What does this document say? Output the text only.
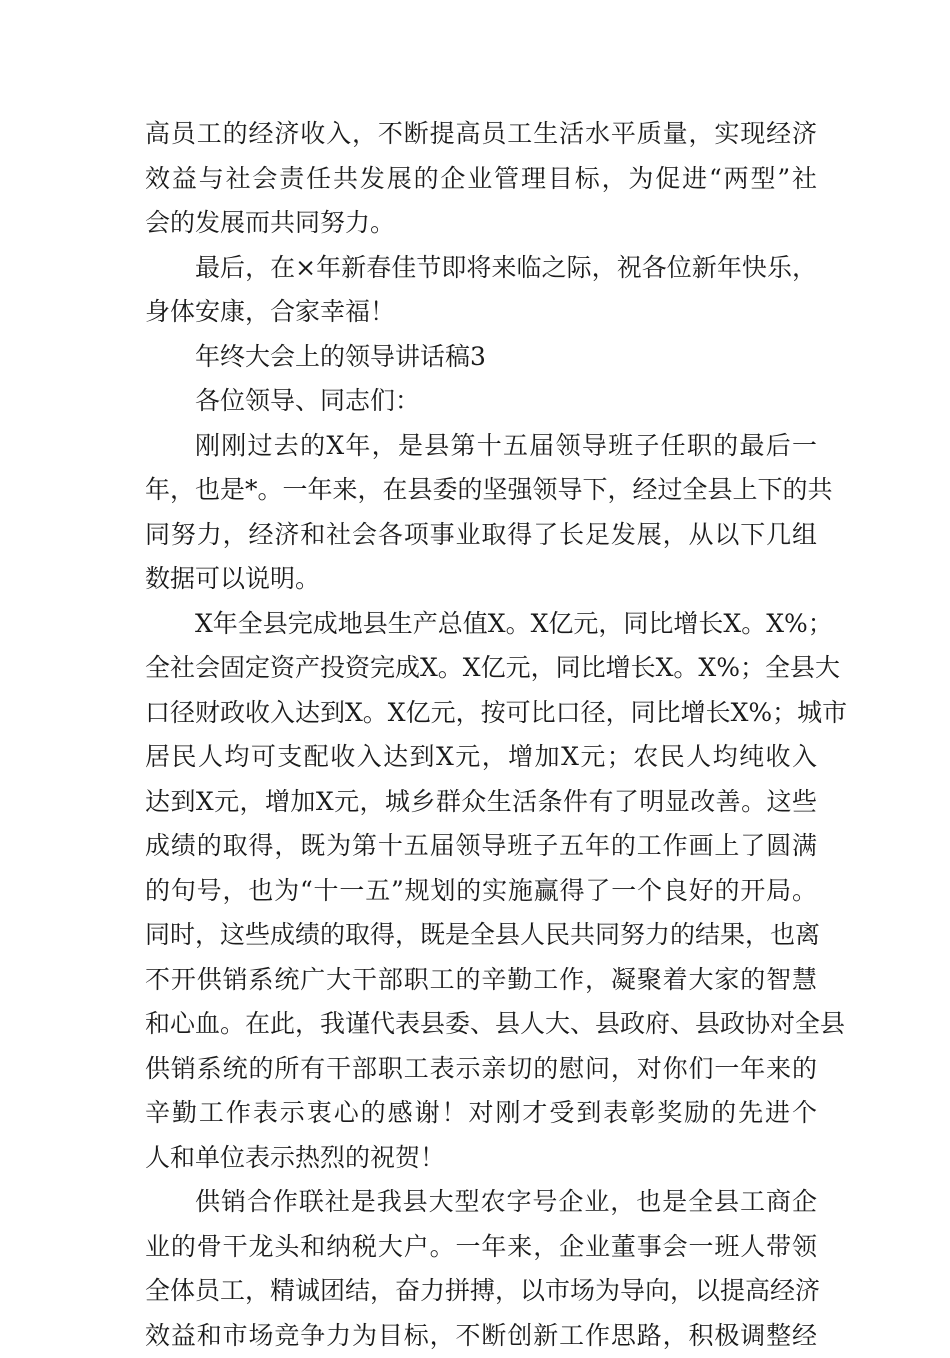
高员工的经济收入，不断提高员工生活水平质量，实现经济
效益与社会责任共发展的企业管理目标，为促进“两型”社
会的发展而共同努力。
最后，在×年新春佳节即将来临之际，祝各位新年快乐，
身体安康，合家幸福！
年终大会上的领导讲话稿3
各位领导、同志们：
刚刚过去的X年，是县第十五届领导班子任职的最后一
年，也是*。一年来，在县委的坚强领导下，经过全县上下的共
同努力，经济和社会各项事业取得了长足发展，从以下几组
数据可以说明。
X年全县完成地县生产总值X。X亿元，同比增长X。X%；
全社会固定资产投资完成X。X亿元，同比增长X。X%；全县大
口径财政收入达到X。X亿元，按可比口径，同比增长X%；城市
居民人均可支配收入达到X元，增加X元；农民人均纯收入
达到X元，增加X元，城乡群众生活条件有了明显改善。这些
成绩的取得，既为第十五届领导班子五年的工作画上了圆满
的句号，也为“十一五”规划的实施赢得了一个良好的开局。
同时，这些成绩的取得，既是全县人民共同努力的结果，也离
不开供销系统广大干部职工的辛勤工作，凝聚着大家的智慧
和心血。在此，我谨代表县委、县人大、县政府、县政协对全县
供销系统的所有干部职工表示亲切的慰问，对你们一年来的
辛勤工作表示衷心的感谢！对刚才受到表彰奖励的先进个
人和单位表示热烈的祝贺！
供销合作联社是我县大型农字号企业，也是全县工商企
业的骨干龙头和纳税大户。一年来，企业董事会一班人带领
全体员工，精诚团结，奋力拼搏，以市场为导向，以提高经济
效益和市场竞争力为目标，不断创新工作思路，积极调整经
